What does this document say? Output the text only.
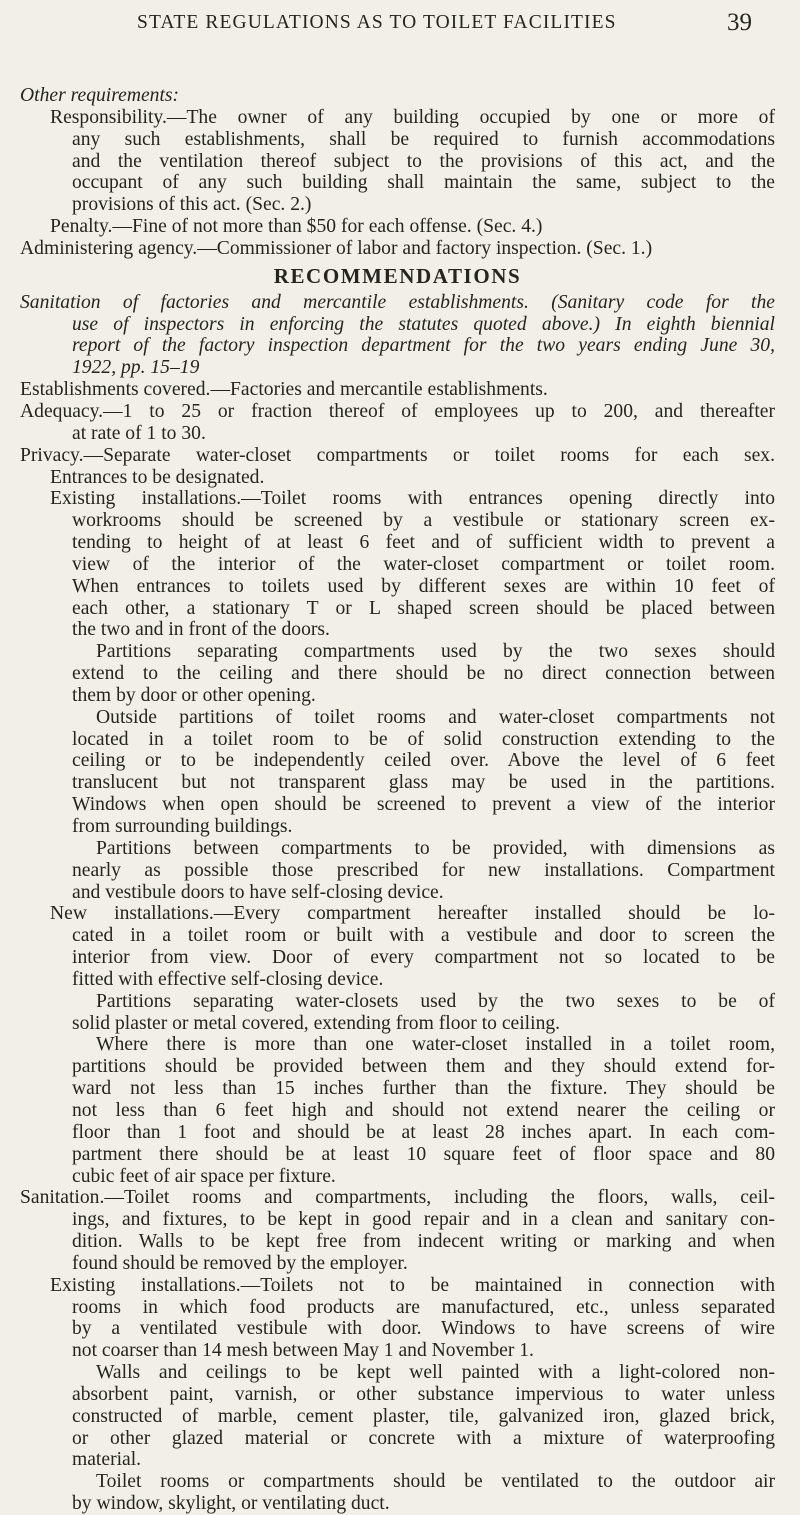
STATE REGULATIONS AS TO TOILET FACILITIES	39
Other requirements:
Responsibility.—The owner of any building occupied by one or more of
any such establishments, shall be required to furnish accommodations
and the ventilation thereof subject to the provisions of this act, and the
occupant of any such building shall maintain the same, subject to the
provisions of this act. (Sec. 2.)
Penalty.—Fine of not more than $50 for each offense. (Sec. 4.)
Administering agency.—Commissioner of labor and factory inspection. (Sec. 1.)
RECOMMENDATIONS
Sanitation of factories and mercantile establishments. (Sanitary code for the
use of inspectors in enforcing the statutes quoted above.) In eighth biennial
report of the factory inspection department for the two years ending June 30,
1922, pp. 15–19
Establishments covered.—Factories and mercantile establishments.
Adequacy.—1 to 25 or fraction thereof of employees up to 200, and thereafter
at rate of 1 to 30.
Privacy.—Separate water-closet compartments or toilet rooms for each sex.
Entrances to be designated.
Existing installations.—Toilet rooms with entrances opening directly into
workrooms should be screened by a vestibule or stationary screen ex-
tending to height of at least 6 feet and of sufficient width to prevent a
view of the interior of the water-closet compartment or toilet room.
When entrances to toilets used by different sexes are within 10 feet of
each other, a stationary T or L shaped screen should be placed between
the two and in front of the doors.
Partitions separating compartments used by the two sexes should
extend to the ceiling and there should be no direct connection between
them by door or other opening.
Outside partitions of toilet rooms and water-closet compartments not
located in a toilet room to be of solid construction extending to the
ceiling or to be independently ceiled over. Above the level of 6 feet
translucent but not transparent glass may be used in the partitions.
Windows when open should be screened to prevent a view of the interior
from surrounding buildings.
Partitions between compartments to be provided, with dimensions as
nearly as possible those prescribed for new installations. Compartment
and vestibule doors to have self-closing device.
New installations.—Every compartment hereafter installed should be lo-
cated in a toilet room or built with a vestibule and door to screen the
interior from view. Door of every compartment not so located to be
fitted with effective self-closing device.
Partitions separating water-closets used by the two sexes to be of
solid plaster or metal covered, extending from floor to ceiling.
Where there is more than one water-closet installed in a toilet room,
partitions should be provided between them and they should extend for-
ward not less than 15 inches further than the fixture. They should be
not less than 6 feet high and should not extend nearer the ceiling or
floor than 1 foot and should be at least 28 inches apart. In each com-
partment there should be at least 10 square feet of floor space and 80
cubic feet of air space per fixture.
Sanitation.—Toilet rooms and compartments, including the floors, walls, ceil-
ings, and fixtures, to be kept in good repair and in a clean and sanitary con-
dition. Walls to be kept free from indecent writing or marking and when
found should be removed by the employer.
Existing installations.—Toilets not to be maintained in connection with
rooms in which food products are manufactured, etc., unless separated
by a ventilated vestibule with door. Windows to have screens of wire
not coarser than 14 mesh between May 1 and November 1.
Walls and ceilings to be kept well painted with a light-colored non-
absorbent paint, varnish, or other substance impervious to water unless
constructed of marble, cement plaster, tile, galvanized iron, glazed brick,
or other glazed material or concrete with a mixture of waterproofing
material.
Toilet rooms or compartments should be ventilated to the outdoor air
by window, skylight, or ventilating duct.
